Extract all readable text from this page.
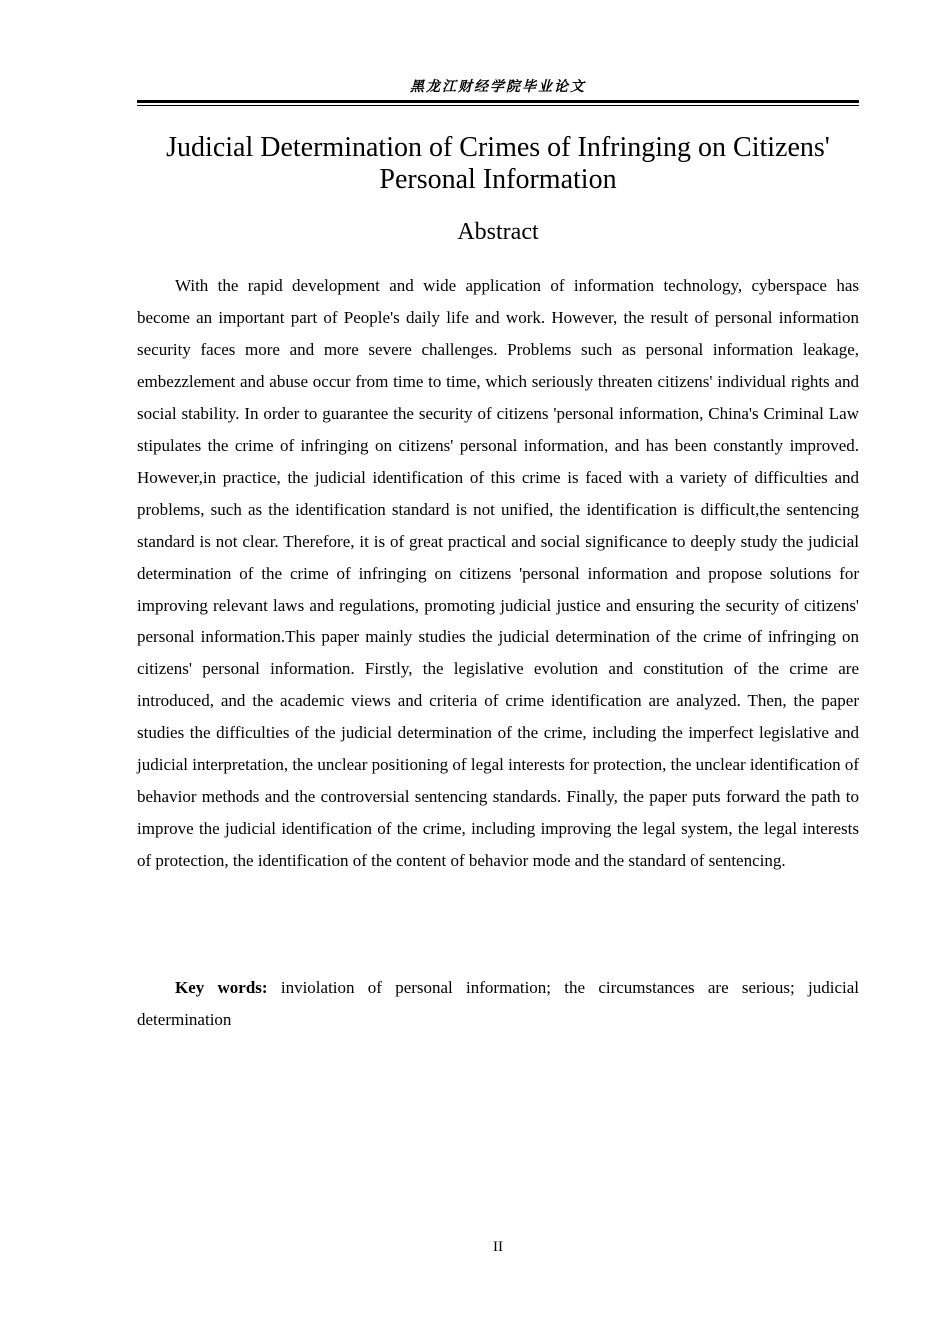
黑龙江财经学院毕业论文
Judicial Determination of Crimes of Infringing on Citizens' Personal Information
Abstract

With the rapid development and wide application of information technology, cyberspace has become an important part of People's daily life and work. However, the result of personal information security faces more and more severe challenges. Problems such as personal information leakage, embezzlement and abuse occur from time to time, which seriously threaten citizens' individual rights and social stability. In order to guarantee the security of citizens 'personal information, China's Criminal Law stipulates the crime of infringing on citizens' personal information, and has been constantly improved. However,in practice, the judicial identification of this crime is faced with a variety of difficulties and problems, such as the identification standard is not unified, the identification is difficult,the sentencing standard is not clear. Therefore, it is of great practical and social significance to deeply study the judicial determination of the crime of infringing on citizens 'personal information and propose solutions for improving relevant laws and regulations, promoting judicial justice and ensuring the security of citizens' personal information.This paper mainly studies the judicial determination of the crime of infringing on citizens' personal information. Firstly, the legislative evolution and constitution of the crime are introduced, and the academic views and criteria of crime identification are analyzed. Then, the paper studies the difficulties of the judicial determination of the crime, including the imperfect legislative and judicial interpretation, the unclear positioning of legal interests for protection, the unclear identification of behavior methods and the controversial sentencing standards. Finally, the paper puts forward the path to improve the judicial identification of the crime, including improving the legal system, the legal interests of protection, the identification of the content of behavior mode and the standard of sentencing.

Key words: inviolation of personal information; the circumstances are serious; judicial determination

II
